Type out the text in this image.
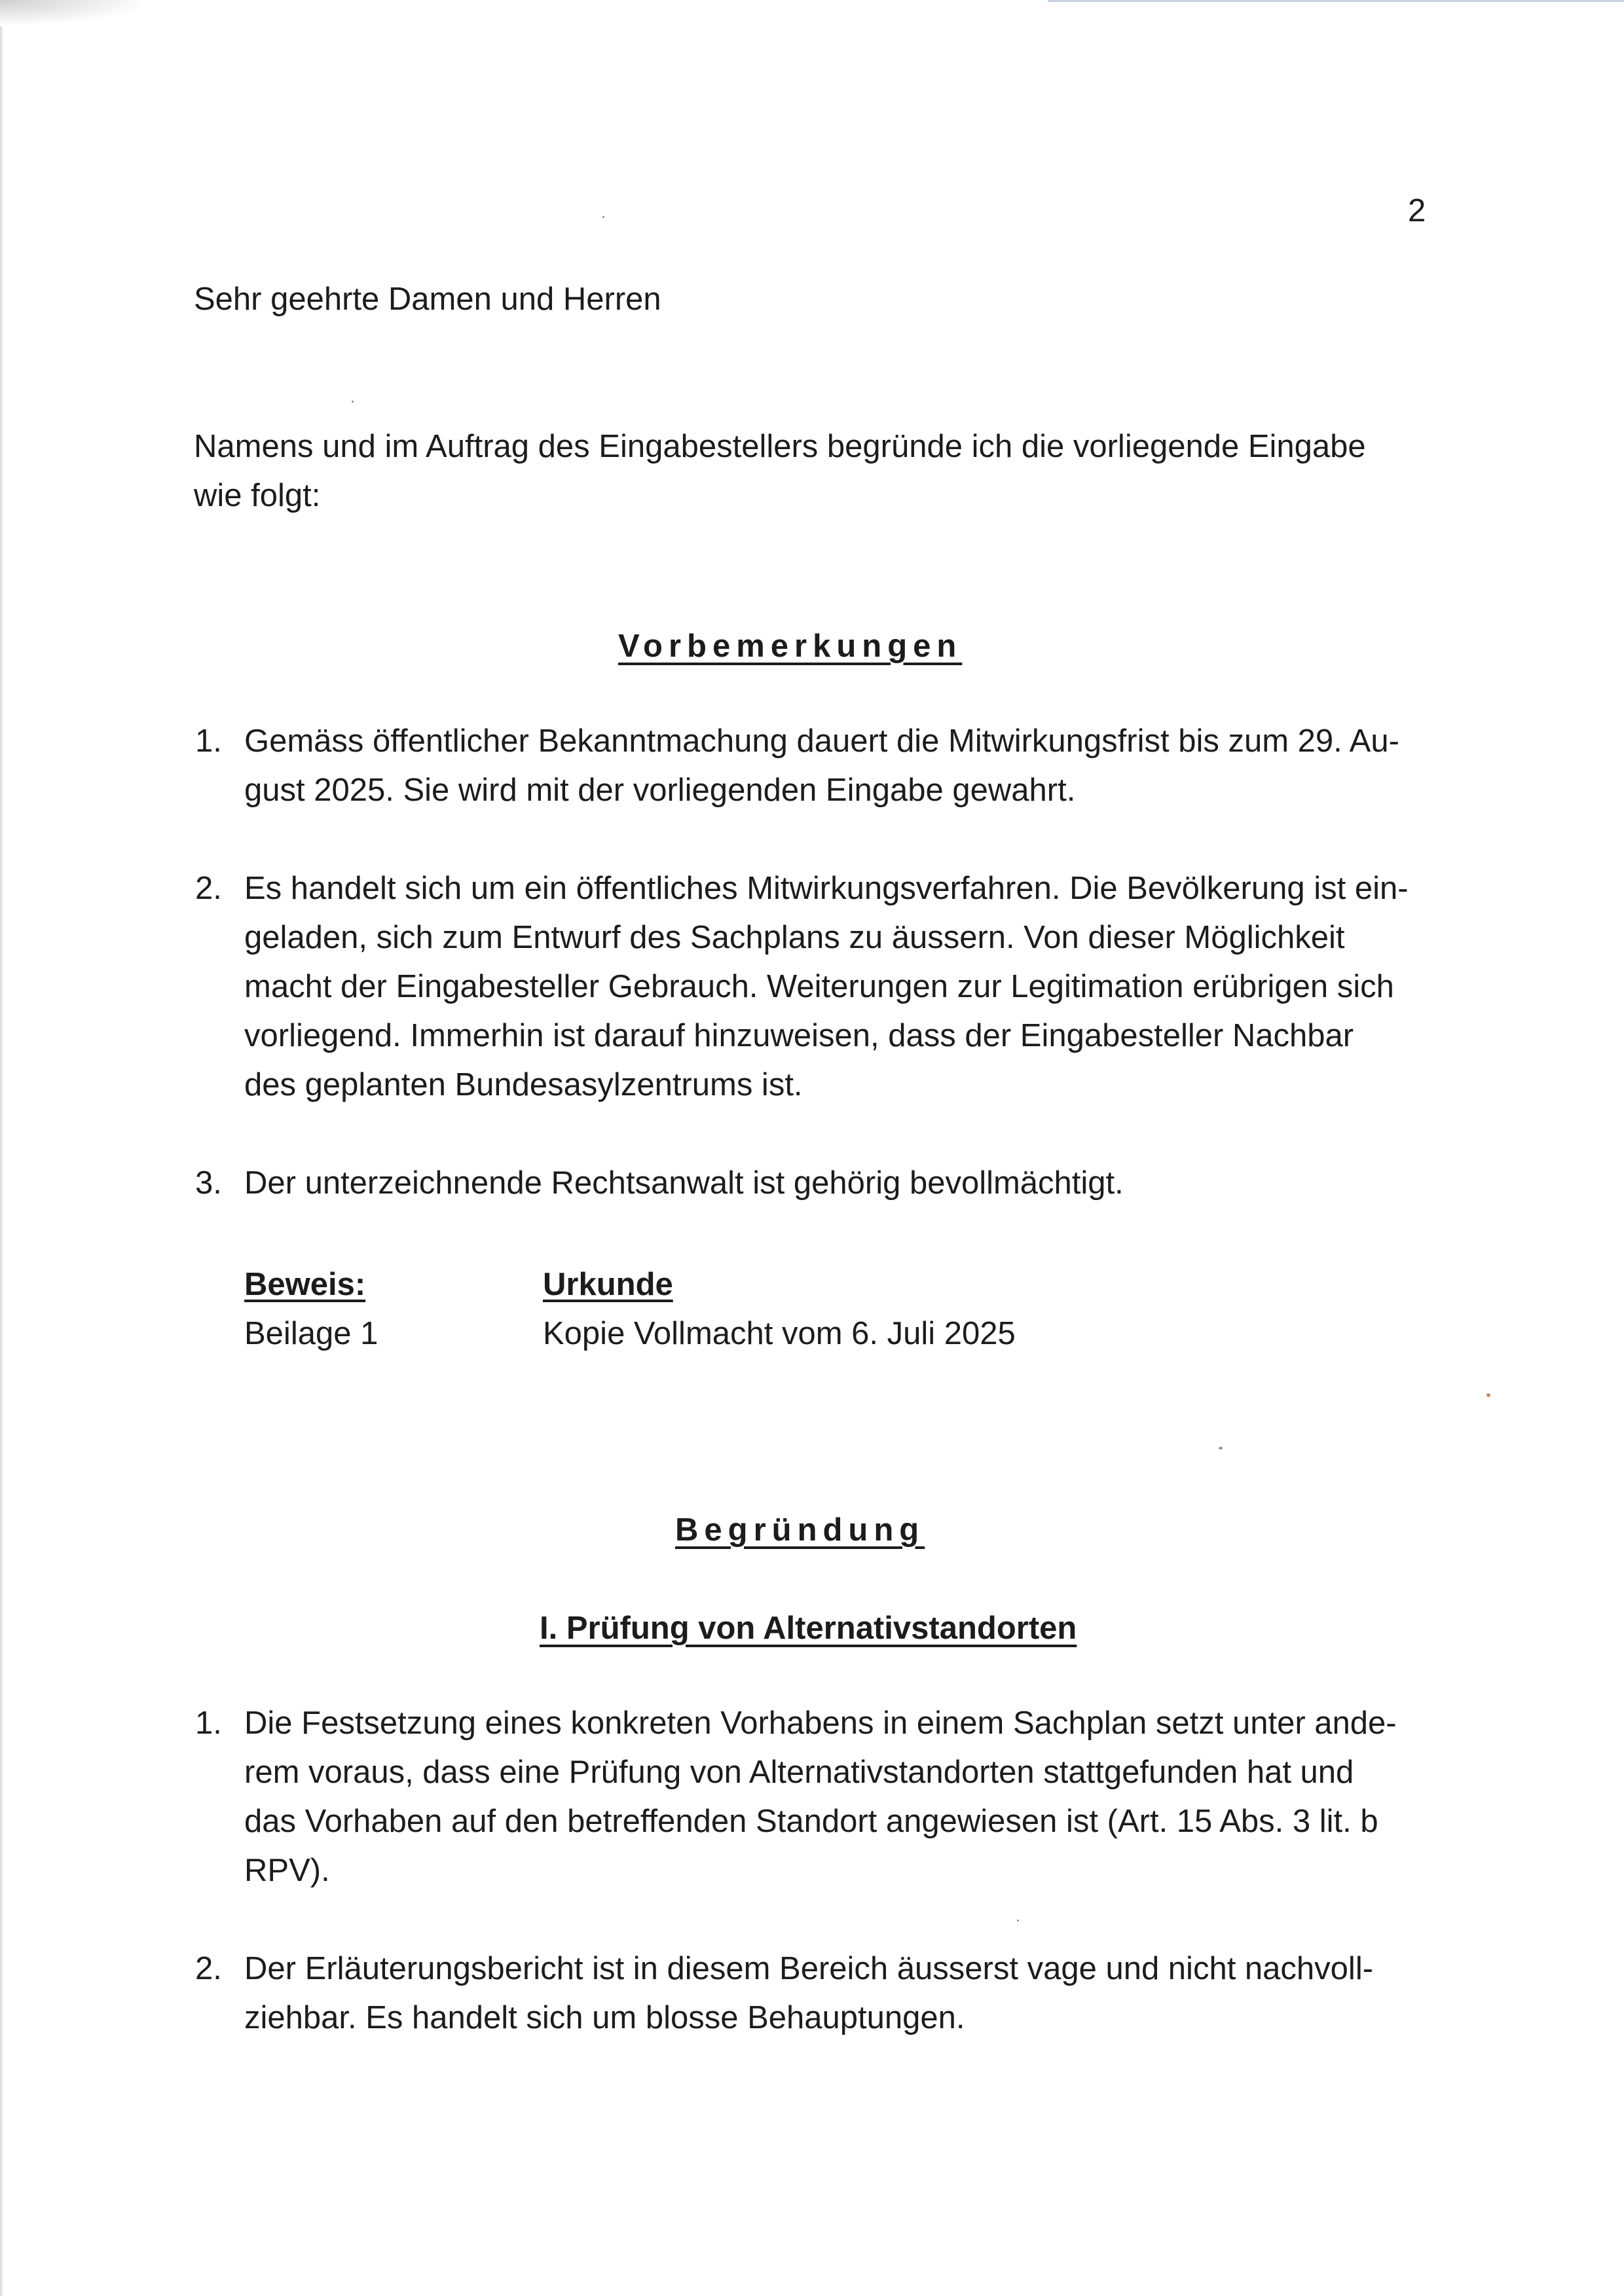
2
Sehr geehrte Damen und Herren
Namens und im Auftrag des Eingabestellers begründe ich die vorliegende Eingabe
wie folgt:
Vorbemerkungen
1. Gemäss öffentlicher Bekanntmachung dauert die Mitwirkungsfrist bis zum 29. Au-
gust 2025. Sie wird mit der vorliegenden Eingabe gewahrt.
2. Es handelt sich um ein öffentliches Mitwirkungsverfahren. Die Bevölkerung ist ein-
geladen, sich zum Entwurf des Sachplans zu äussern. Von dieser Möglichkeit
macht der Eingabesteller Gebrauch. Weiterungen zur Legitimation erübrigen sich
vorliegend. Immerhin ist darauf hinzuweisen, dass der Eingabesteller Nachbar
des geplanten Bundesasylzentrums ist.
3. Der unterzeichnende Rechtsanwalt ist gehörig bevollmächtigt.
Beweis:	Urkunde
Beilage 1	Kopie Vollmacht vom 6. Juli 2025
Begründung
I. Prüfung von Alternativstandorten
1. Die Festsetzung eines konkreten Vorhabens in einem Sachplan setzt unter ande-
rem voraus, dass eine Prüfung von Alternativstandorten stattgefunden hat und
das Vorhaben auf den betreffenden Standort angewiesen ist (Art. 15 Abs. 3 lit. b
RPV).
2. Der Erläuterungsbericht ist in diesem Bereich äusserst vage und nicht nachvoll-
ziehbar. Es handelt sich um blosse Behauptungen.
